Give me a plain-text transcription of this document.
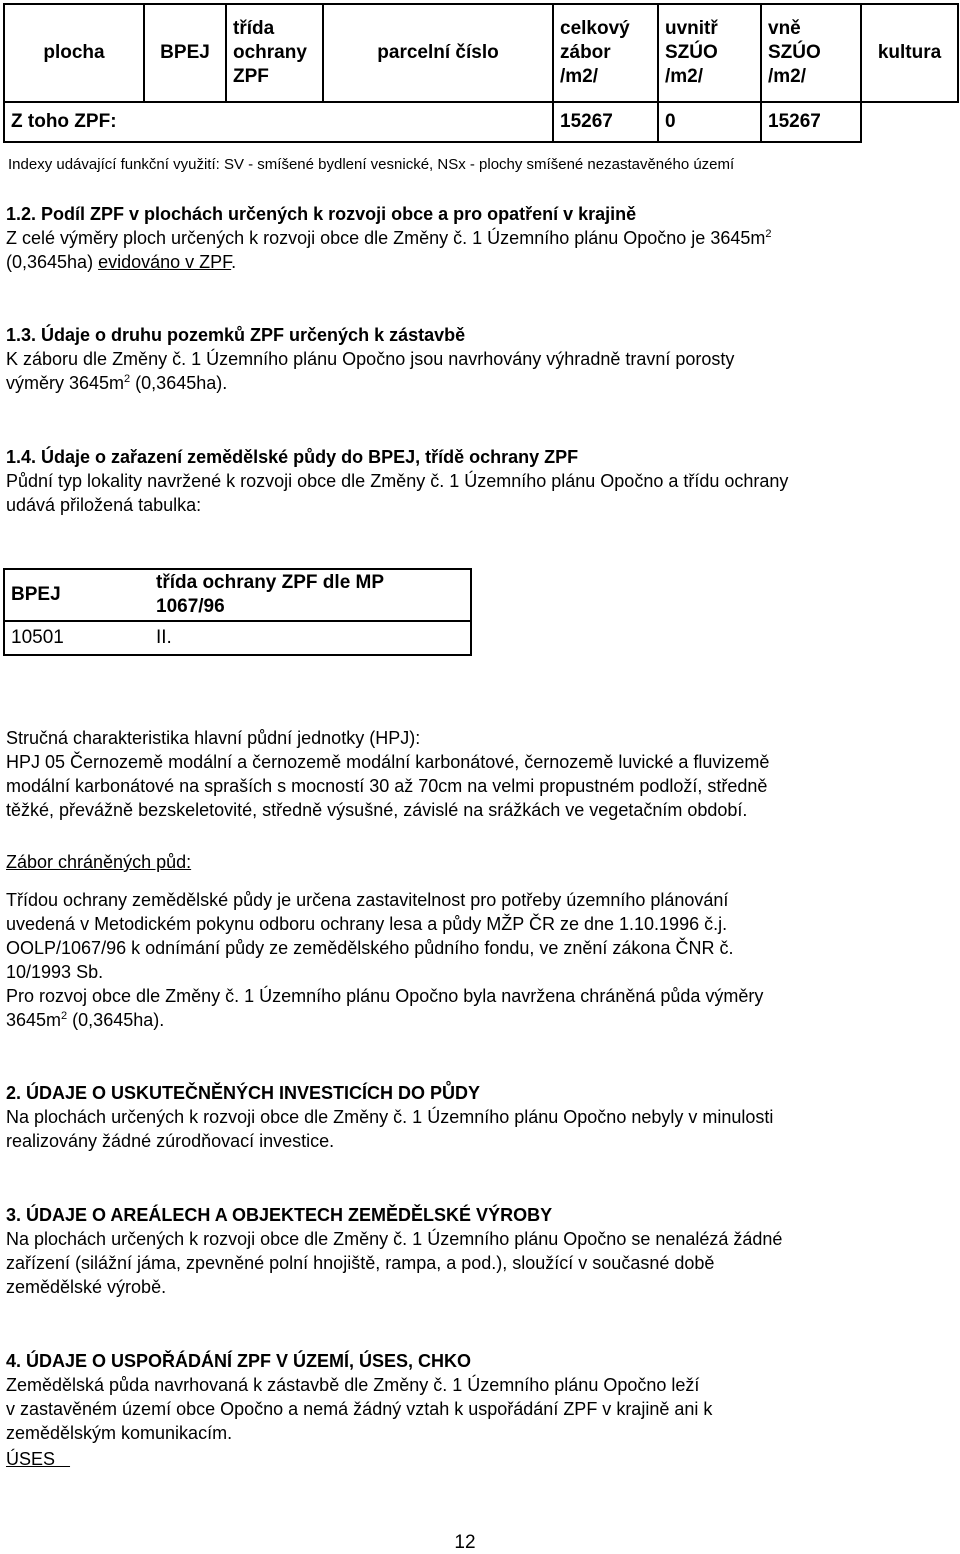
plocha	BPEJ	třída ochrany ZPF	parcelní číslo	celkový zábor /m2/	uvnitř SZÚO /m2/	vně SZÚO /m2/	kultura
Z toho ZPF:				15267	0	15267	
Indexy udávající funkční využití: SV - smíšené bydlení vesnické, NSx - plochy smíšené nezastavěného území
1.2. Podíl ZPF v plochách určených k rozvoji obce a pro opatření v krajině
Z celé výměry ploch určených k rozvoji obce dle Změny č. 1 Územního plánu Opočno je $3645m^2$
(0,3645ha) evidováno v ZPF.
1.3. Údaje o druhu pozemků ZPF určených k zástavbě
K záboru dle Změny č. 1 Územního plánu Opočno jsou navrhovány výhradně travní porosty
výměry $3645m^2$ (0,3645ha).
1.4. Údaje o zařazení zemědělské půdy do BPEJ, třídě ochrany ZPF
Půdní typ lokality navržené k rozvoji obce dle Změny č. 1 Územního plánu Opočno a třídu ochrany
udává přiložená tabulka:
BPEJ	třída ochrany ZPF dle MP
1067/96

10501	II.
Stručná charakteristika hlavní půdní jednotky (HPJ):
HPJ 05 Černozemě modální a černozemě modální karbonátové, černozemě luvické a fluvizemě
modální karbonátové na spraších s mocností 30 až 70cm na velmi propustném podloží, středně
těžké, převážně bezskeletovité, středně výsušné, závislé na srážkách ve vegetačním období.
Zábor chráněných půd:
Třídou ochrany zemědělské půdy je určena zastavitelnost pro potřeby územního plánování
uvedená v Metodickém pokynu odboru ochrany lesa a půdy MŽP ČR ze dne 1.10.1996 č.j.
OOLP/1067/96 k odnímání půdy ze zemědělského půdního fondu, ve znění zákona ČNR č.
10/1993 Sb.
Pro rozvoj obce dle Změny č. 1 Územního plánu Opočno byla navržena chráněná půda výměry
$3645m^2$ (0,3645ha).
2. ÚDAJE O USKUTEČNĚNÝCH INVESTICÍCH DO PŮDY
Na plochách určených k rozvoji obce dle Změny č. 1 Územního plánu Opočno nebyly v minulosti
realizovány žádné zúrodňovací investice.
3. ÚDAJE O AREÁLECH A OBJEKTECH ZEMĚDĚLSKÉ VÝROBY
Na plochách určených k rozvoji obce dle Změny č. 1 Územního plánu Opočno se nenalézá žádné
zařízení (silážní jáma, zpevněné polní hnojiště, rampa, a pod.), sloužící v současné době
zemědělské výrobě.
4. ÚDAJE O USPOŘÁDÁNÍ ZPF V ÚZEMÍ, ÚSES, CHKO
Zemědělská půda navrhovaná k zástavbě dle Změny č. 1 Územního plánu Opočno leží
v zastavěném území obce Opočno a nemá žádný vztah k uspořádání ZPF v krajině ani k
zemědělským komunikacím.
ÚSES
12
